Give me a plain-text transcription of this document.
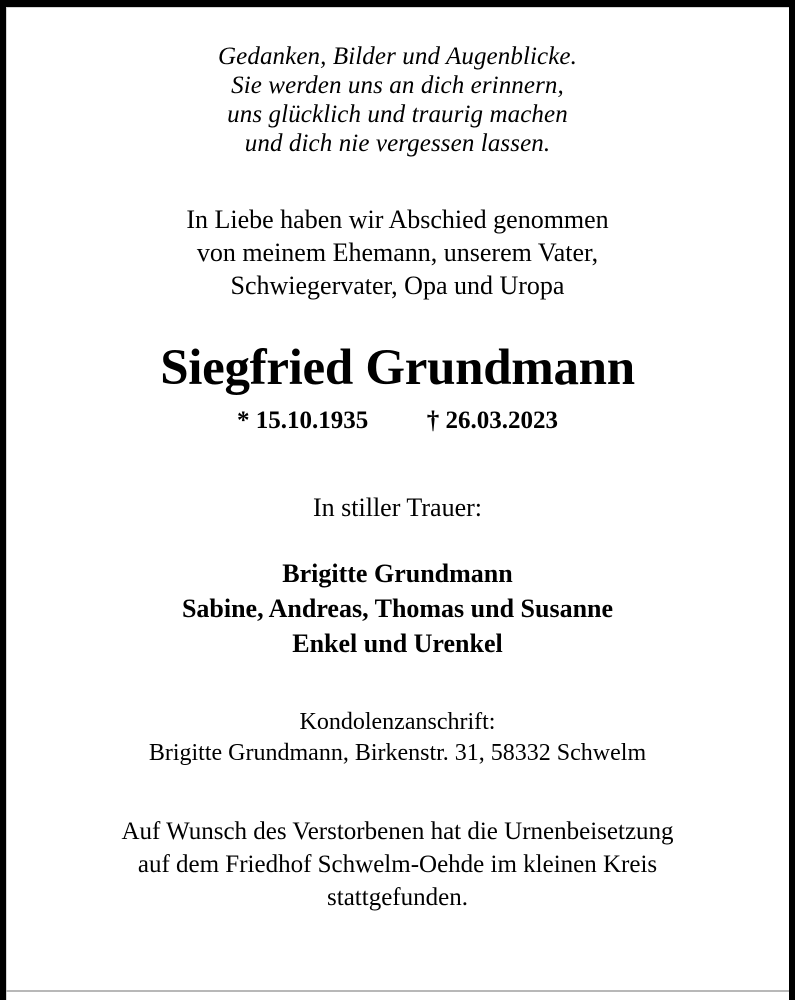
Gedanken, Bilder und Augenblicke.
Sie werden uns an dich erinnern,
uns glücklich und traurig machen
und dich nie vergessen lassen.
In Liebe haben wir Abschied genommen
von meinem Ehemann, unserem Vater,
Schwiegervater, Opa und Uropa
Siegfried Grundmann
* 15.10.1935 † 26.03.2023
In stiller Trauer:
Brigitte Grundmann
Sabine, Andreas, Thomas und Susanne
Enkel und Urenkel
Kondolenzanschrift:
Brigitte Grundmann, Birkenstr. 31, 58332 Schwelm
Auf Wunsch des Verstorbenen hat die Urnenbeisetzung
auf dem Friedhof Schwelm-Oehde im kleinen Kreis
stattgefunden.
